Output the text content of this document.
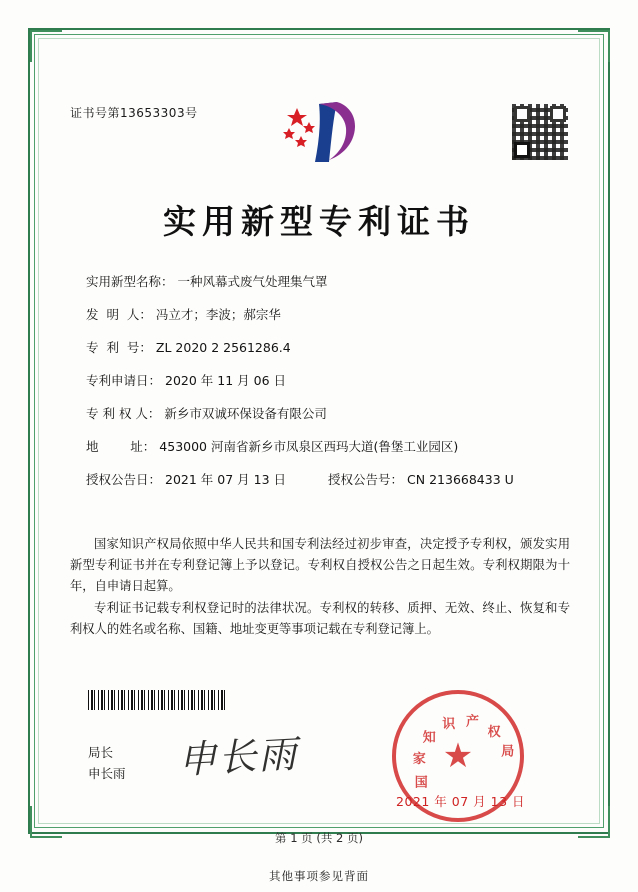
证书号第13653303号
实用新型专利证书
实用新型名称： 一种风幕式废气处理集气罩
发  明  人： 冯立才；李波；郝宗华
专  利  号： ZL 2020 2 2561286.4
专利申请日： 2020 年 11 月 06 日
专 利 权 人： 新乡市双诚环保设备有限公司
地        址： 453000 河南省新乡市凤泉区西玛大道(鲁堡工业园区)
授权公告日： 2021 年 07 月 13 日	授权公告号： CN 213668433 U

国家知识产权局依照中华人民共和国专利法经过初步审查，决定授予专利权，颁发实用新型专利证书并在专利登记簿上予以登记。专利权自授权公告之日起生效。专利权期限为十年，自申请日起算。

专利证书记载专利权登记时的法律状况。专利权的转移、质押、无效、终止、恢复和专利权人的姓名或名称、国籍、地址变更等事项记载在专利登记簿上。

局长
申长雨 申长雨	★
国
家
知
识 产
权
局
2021 年 07 月 13 日
第 1 页 (共 2 页)
其他事项参见背面
